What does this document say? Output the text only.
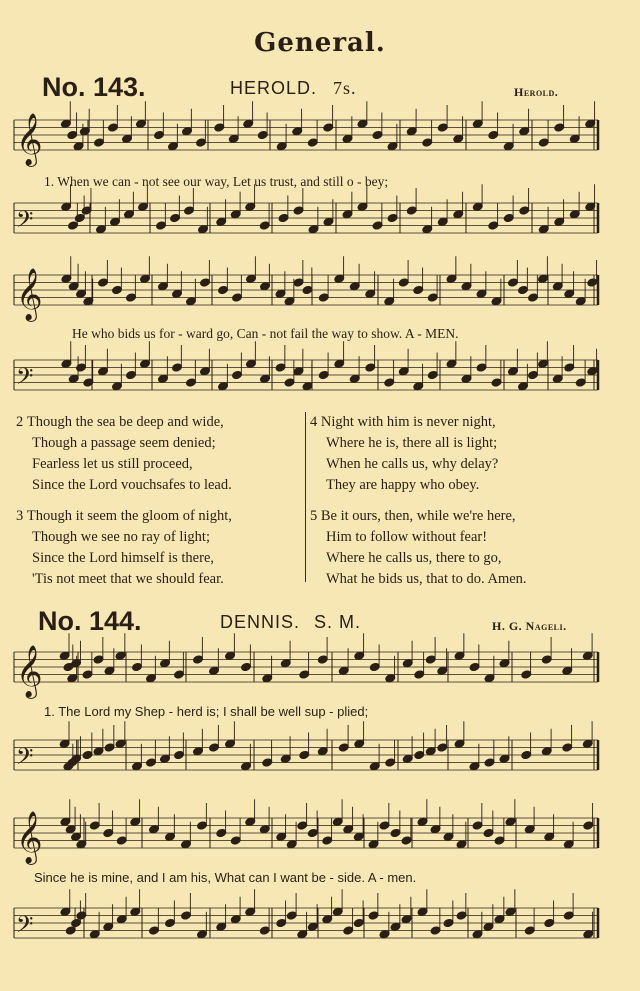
General.
No. 143.	HEROLD. 7s.	Herold.
𝄞
𝄢
𝄞
𝄢
𝄞
𝄢
𝄞
𝄢
1. When we can - not see our way, Let us trust, and still o - bey;
He who bids us for - ward go, Can - not fail the way to show. A - MEN.
2 Though the sea be deep and wide,
Though a passage seem denied;
Fearless let us still proceed,
Since the Lord vouchsafes to lead.
3 Though it seem the gloom of night,
Though we see no ray of light;
Since the Lord himself is there,
'Tis not meet that we should fear.
4 Night with him is never night,
Where he is, there all is light;
When he calls us, why delay?
They are happy who obey.
5 Be it ours, then, while we're here,
Him to follow without fear!
Where he calls us, there to go,
What he bids us, that to do. Amen.
No. 144.	DENNIS. S. M.	H. G. Nageli.
1. The Lord my Shep - herd is; I shall be well sup - plied;
Since he is mine, and I am his, What can I want be - side. A - men.
